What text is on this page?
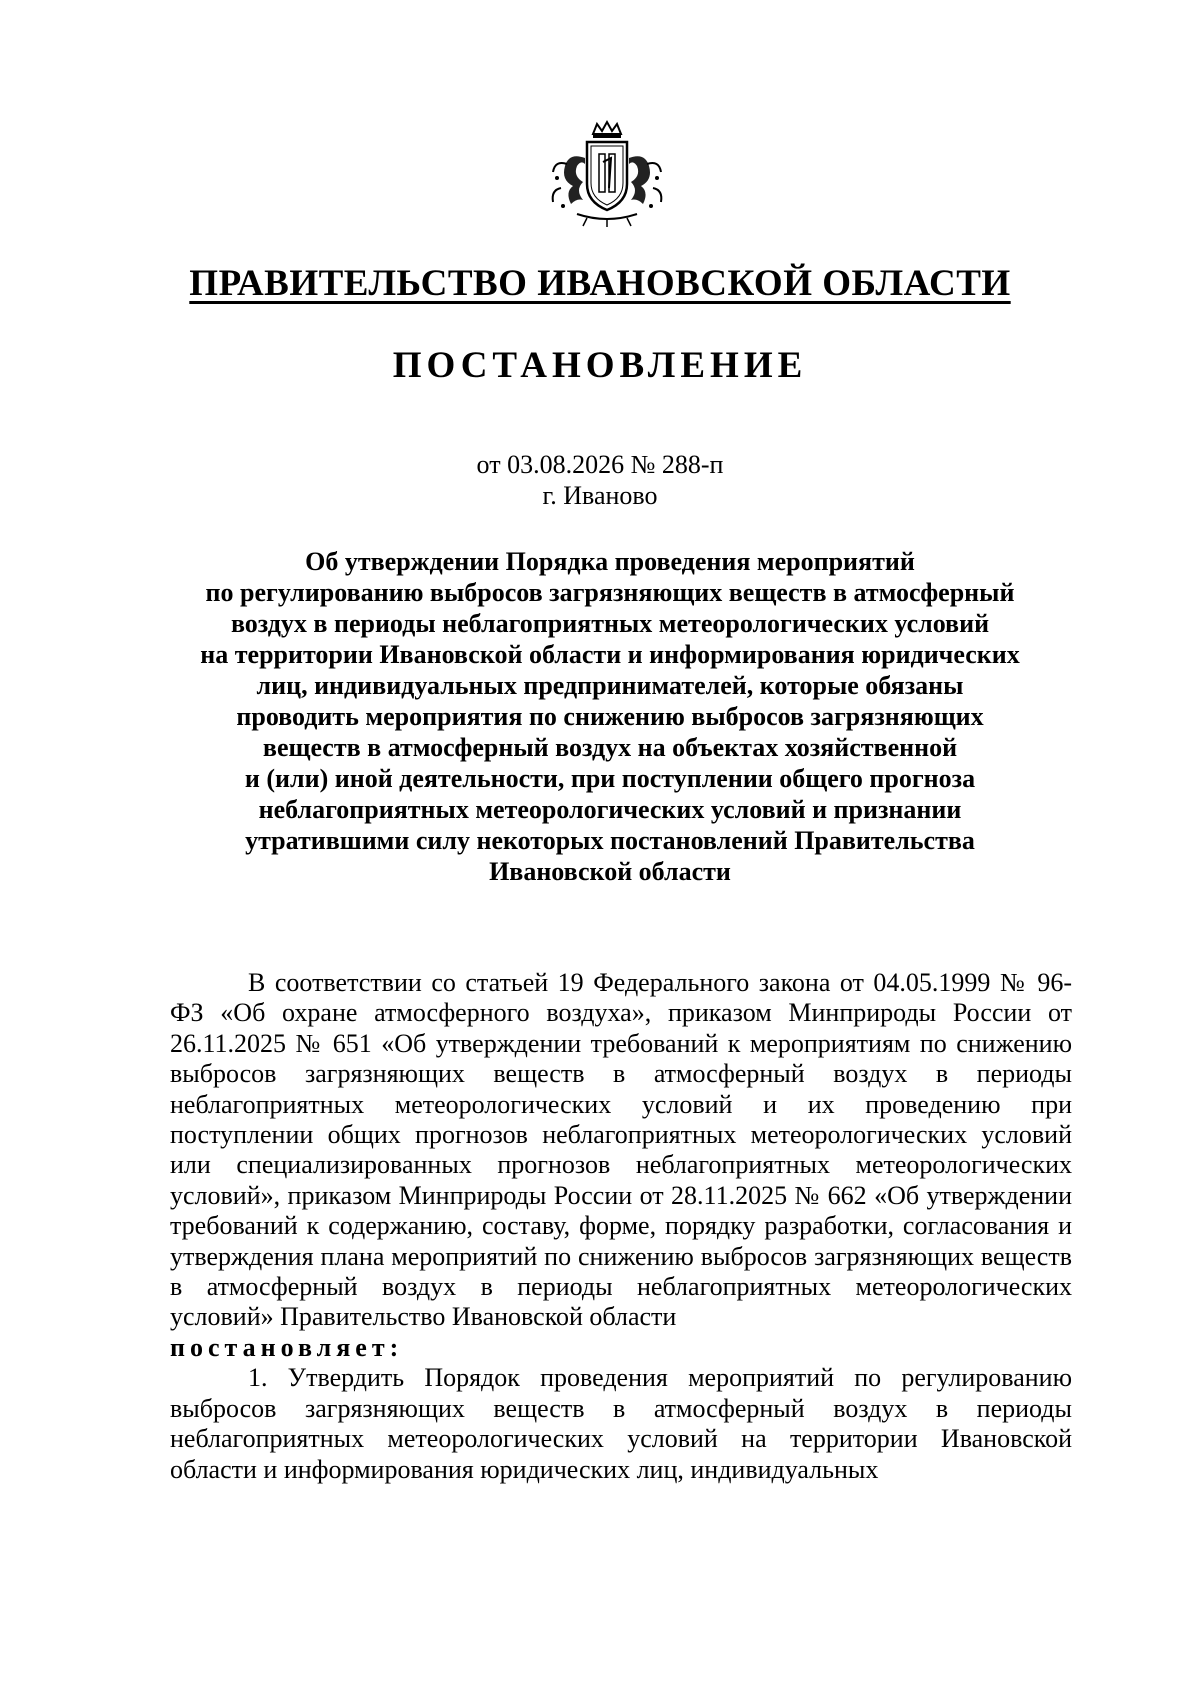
ПРАВИТЕЛЬСТВО ИВАНОВСКОЙ ОБЛАСТИ
ПОСТАНОВЛЕНИЕ
от 03.08.2026 № 288-п
г. Иваново
Об утверждении Порядка проведения мероприятий
по регулированию выбросов загрязняющих веществ в атмосферный
воздух в периоды неблагоприятных метеорологических условий
на территории Ивановской области и информирования юридических
лиц, индивидуальных предпринимателей, которые обязаны
проводить мероприятия по снижению выбросов загрязняющих
веществ в атмосферный воздух на объектах хозяйственной
и (или) иной деятельности, при поступлении общего прогноза
неблагоприятных метеорологических условий и признании
утратившими силу некоторых постановлений Правительства
Ивановской области

В соответствии со статьей 19 Федерального закона от 04.05.1999 № 96-ФЗ «Об охране атмосферного воздуха», приказом Минприроды России от 26.11.2025 № 651 «Об утверждении требований к мероприятиям по снижению выбросов загрязняющих веществ в атмосферный воздух в периоды неблагоприятных метеорологических условий и их проведению при поступлении общих прогнозов неблагоприятных метеорологических условий или специализированных прогнозов неблагоприятных метеорологических условий», приказом Минприроды России от 28.11.2025 № 662 «Об утверждении требований к содержанию, составу, форме, порядку разработки, согласования и утверждения плана мероприятий по снижению выбросов загрязняющих веществ в атмосферный воздух в периоды неблагоприятных метеорологических условий» Правительство Ивановской области

постановляет:

1. Утвердить Порядок проведения мероприятий по регулированию выбросов загрязняющих веществ в атмосферный воздух в периоды неблагоприятных метеорологических условий на территории Ивановской области и информирования юридических лиц, индивидуальных
